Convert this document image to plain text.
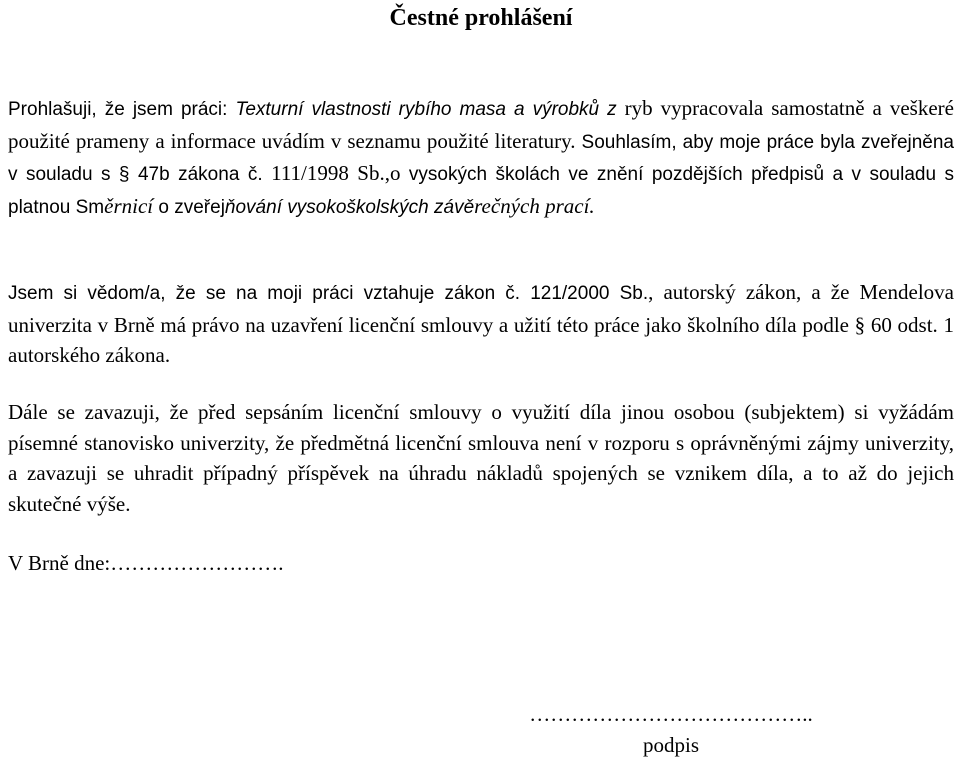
Čestné prohlášení

Prohlašuji, že jsem práci: Texturní vlastnosti rybího masa a výrobků z ryb vypracovala samostatně a veškeré použité prameny a informace uvádím v seznamu použité literatury. Souhlasím, aby moje práce byla zveřejněna v souladu s § 47b zákona č. 111/1998 Sb.,o vysokých školách ve znění pozdějších předpisů a v souladu s platnou Směrnicí o zveřejňování vysokoškolských závěrečných prací.

Jsem si vědom/a, že se na moji práci vztahuje zákon č. 121/2000 Sb., autorský zákon, a že Mendelova univerzita v Brně má právo na uzavření licenční smlouvy a užití této práce jako školního díla podle § 60 odst. 1 autorského zákona.

Dále se zavazuji, že před sepsáním licenční smlouvy o využití díla jinou osobou (subjektem) si vyžádám písemné stanovisko univerzity, že předmětná licenční smlouva není v rozporu s oprávněnými zájmy univerzity, a zavazuji se uhradit případný příspěvek na úhradu nákladů spojených se vznikem díla, a to až do jejich skutečné výše.

V Brně dne:…………………….

…………………………………..
podpis
